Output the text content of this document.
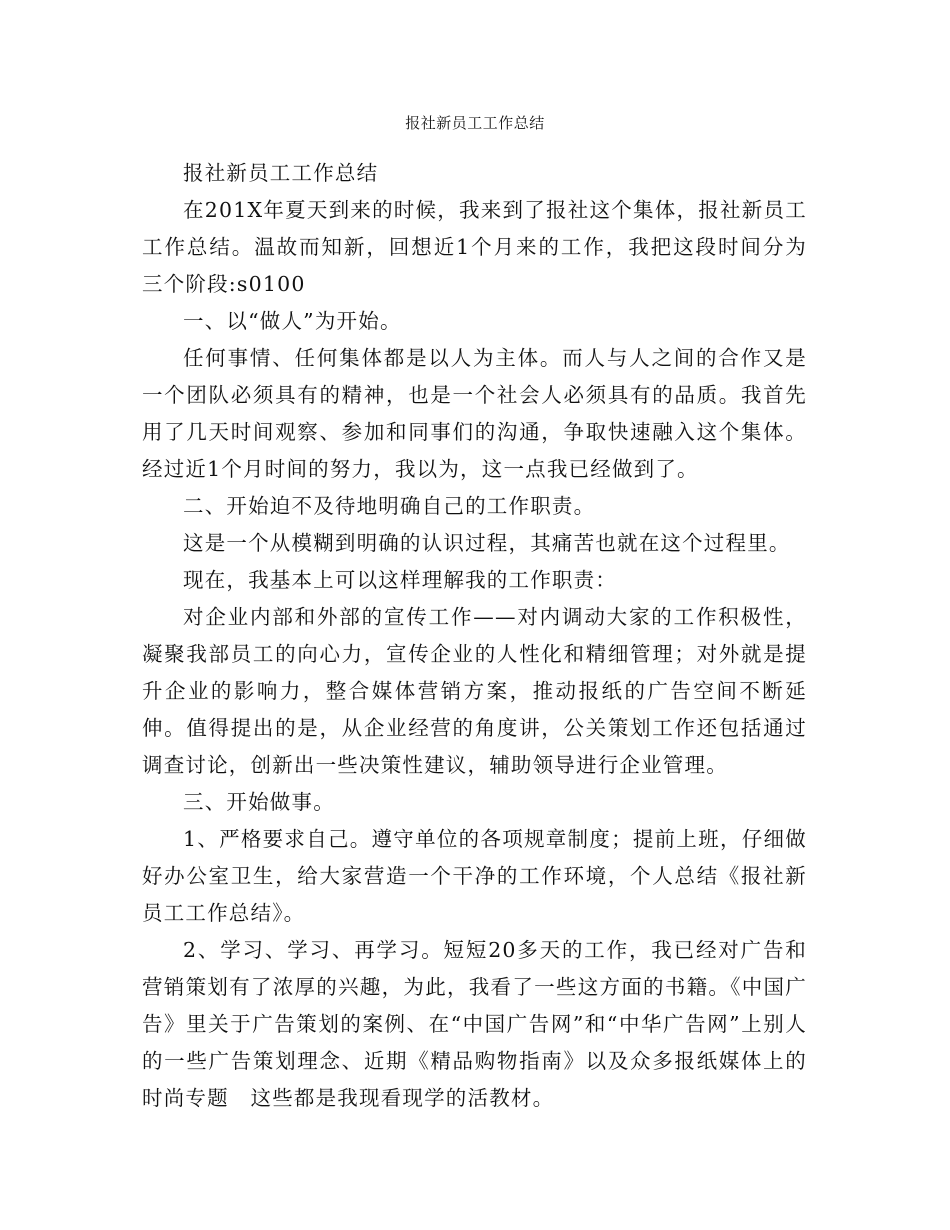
报社新员工工作总结

报社新员工工作总结

在201X年夏天到来的时候，我来到了报社这个集体，报社新员工工作总结。温故而知新，回想近1个月来的工作，我把这段时间分为三个阶段:s0100

一、以“做人”为开始。

任何事情、任何集体都是以人为主体。而人与人之间的合作又是一个团队必须具有的精神，也是一个社会人必须具有的品质。我首先用了几天时间观察、参加和同事们的沟通，争取快速融入这个集体。经过近1个月时间的努力，我以为，这一点我已经做到了。

二、开始迫不及待地明确自己的工作职责。

这是一个从模糊到明确的认识过程，其痛苦也就在这个过程里。

现在，我基本上可以这样理解我的工作职责：

对企业内部和外部的宣传工作——对内调动大家的工作积极性，凝聚我部员工的向心力，宣传企业的人性化和精细管理；对外就是提升企业的影响力，整合媒体营销方案，推动报纸的广告空间不断延伸。值得提出的是，从企业经营的角度讲，公关策划工作还包括通过调查讨论，创新出一些决策性建议，辅助领导进行企业管理。

三、开始做事。

1、严格要求自己。遵守单位的各项规章制度；提前上班，仔细做好办公室卫生，给大家营造一个干净的工作环境，个人总结《报社新员工工作总结》。

2、学习、学习、再学习。短短20多天的工作，我已经对广告和营销策划有了浓厚的兴趣，为此，我看了一些这方面的书籍。《中国广告》里关于广告策划的案例、在“中国广告网”和“中华广告网”上别人的一些广告策划理念、近期《精品购物指南》以及众多报纸媒体上的时尚专题　这些都是我现看现学的活教材。
